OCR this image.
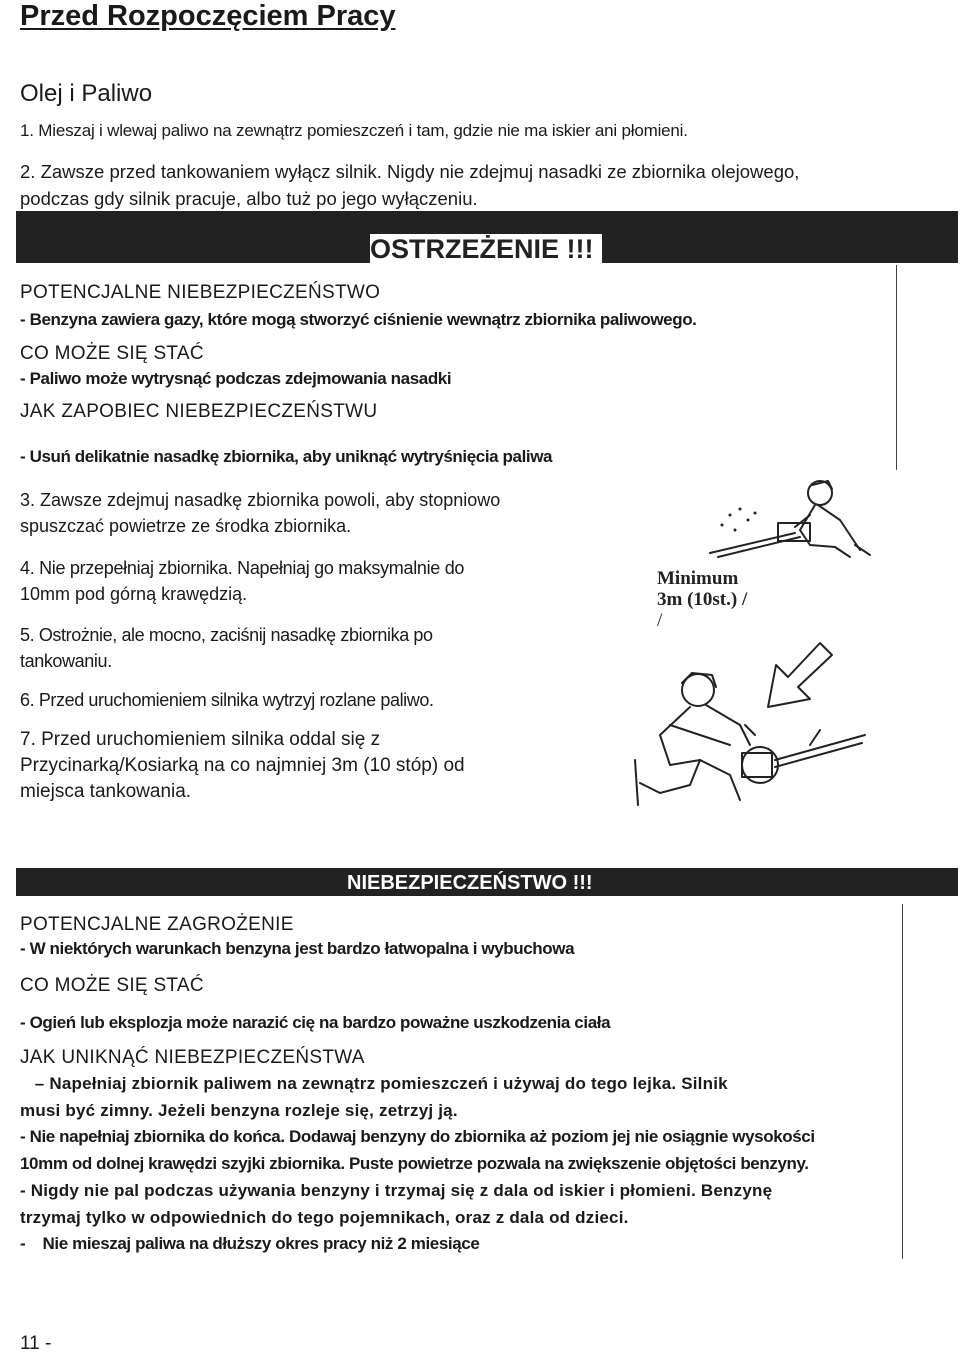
Przed Rozpoczęciem Pracy
Olej i Paliwo
1. Mieszaj i wlewaj paliwo na zewnątrz pomieszczeń i tam, gdzie nie ma iskier ani płomieni.
2. Zawsze przed tankowaniem wyłącz silnik. Nigdy nie zdejmuj nasadki ze zbiornika olejowego,
podczas gdy silnik pracuje, albo tuż po jego wyłączeniu.
OSTRZEŻENIE !!!
POTENCJALNE NIEBEZPIECZEŃSTWO
- Benzyna zawiera gazy, które mogą stworzyć ciśnienie wewnątrz zbiornika paliwowego.
CO MOŻE SIĘ STAĆ
- Paliwo może wytrysnąć podczas zdejmowania nasadki
JAK ZAPOBIEC NIEBEZPIECZEŃSTWU
- Usuń delikatnie nasadkę zbiornika, aby uniknąć wytryśnięcia paliwa
3. Zawsze zdejmuj nasadkę zbiornika powoli, aby stopniowo
spuszczać powietrze ze środka zbiornika.
4. Nie przepełniaj zbiornika. Napełniaj go maksymalnie do
10mm pod górną krawędzią.
5. Ostrożnie, ale mocno, zaciśnij nasadkę zbiornika po
tankowaniu.
6. Przed uruchomieniem silnika wytrzyj rozlane paliwo.
7. Przed uruchomieniem silnika oddal się z
Przycinarką/Kosiarką na co najmniej 3m (10 stóp) od
miejsca tankowania.
Minimum
3m (10st.) /
/
NIEBEZPIECZEŃSTWO !!!
POTENCJALNE ZAGROŻENIE
- W niektórych warunkach benzyna jest bardzo łatwopalna i wybuchowa
CO MOŻE SIĘ STAĆ
- Ogień lub eksplozja może narazić cię na bardzo poważne uszkodzenia ciała
JAK UNIKNĄĆ NIEBEZPIECZEŃSTWA
– Napełniaj zbiornik paliwem na zewnątrz pomieszczeń i używaj do tego lejka. Silnik
musi być zimny. Jeżeli benzyna rozleje się, zetrzyj ją.
- Nie napełniaj zbiornika do końca. Dodawaj benzyny do zbiornika aż poziom jej nie osiągnie wysokości
10mm od dolnej krawędzi szyjki zbiornika. Puste powietrze pozwala na zwiększenie objętości benzyny.
- Nigdy nie pal podczas używania benzyny i trzymaj się z dala od iskier i płomieni. Benzynę
trzymaj tylko w odpowiednich do tego pojemnikach, oraz z dala od dzieci.
-    Nie mieszaj paliwa na dłuższy okres pracy niż 2 miesiące
11 -
